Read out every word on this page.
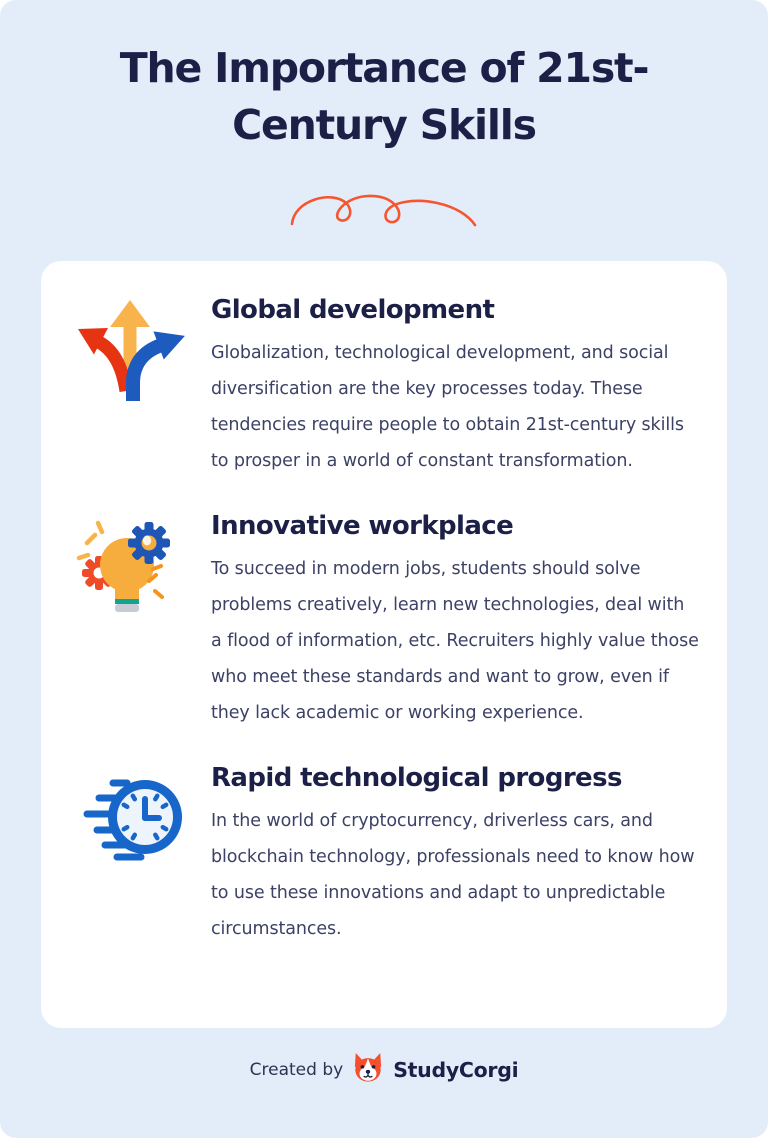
The Importance of 21st-
Century Skills
Global development

Globalization, technological development, and social diversification are the key processes today. These tendencies require people to obtain 21st-century skills to prosper in a world of constant transformation.

Innovative workplace

To succeed in modern jobs, students should solve problems creatively, learn new technologies, deal with a flood of information, etc. Recruiters highly value those who meet these standards and want to grow, even if they lack academic or working experience.

Rapid technological progress

In the world of cryptocurrency, driverless cars, and blockchain technology, professionals need to know how to use these innovations and adapt to unpredictable circumstances.

Created by StudyCorgi
